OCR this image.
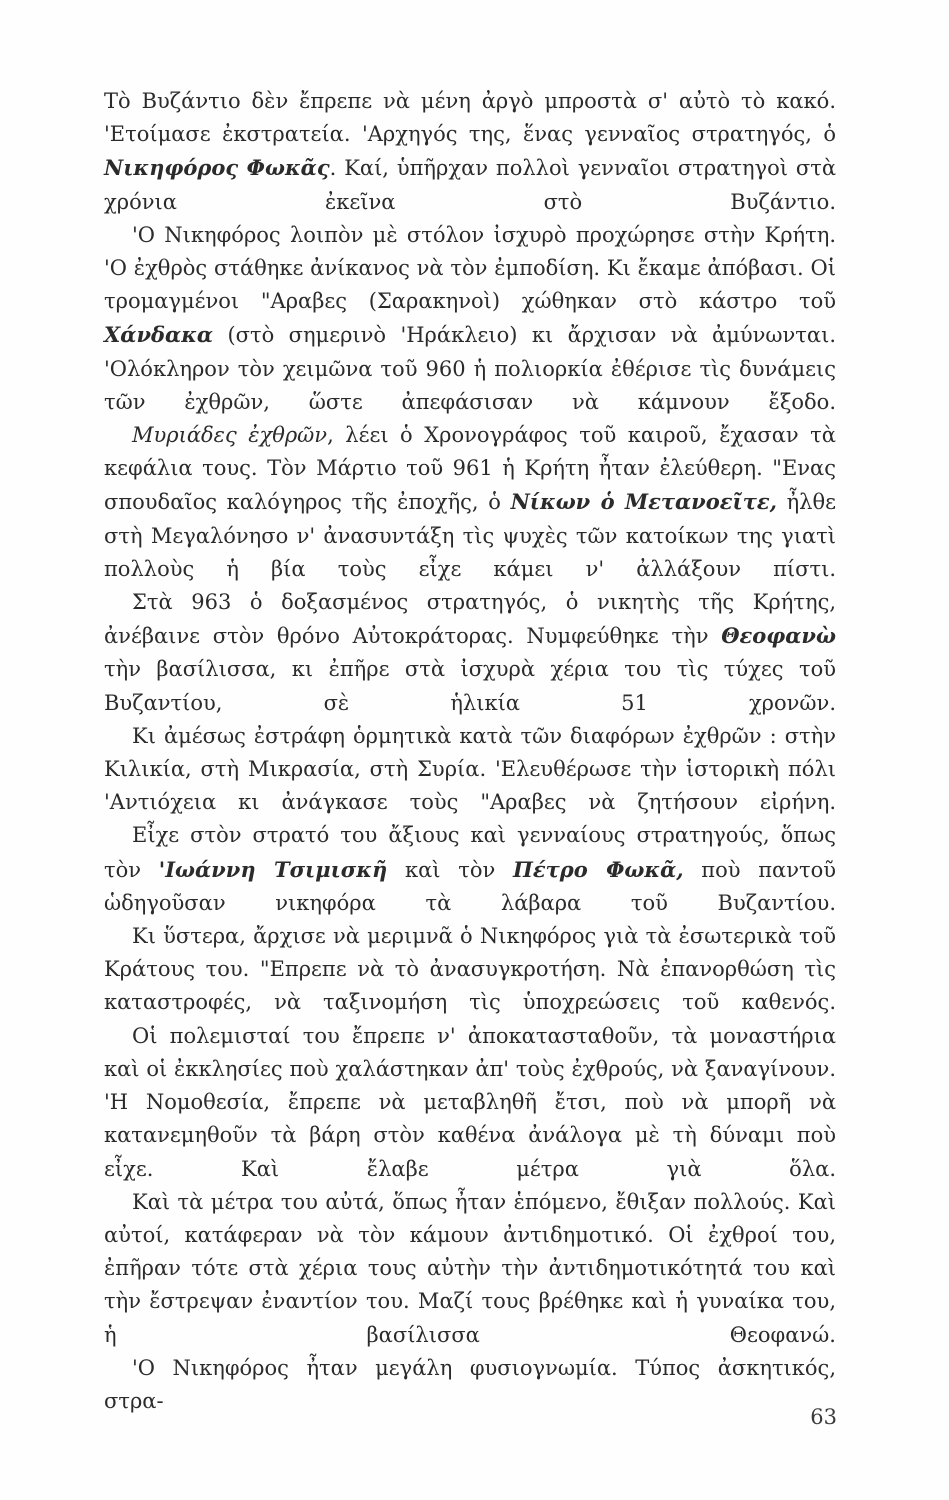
Τὸ Βυζάντιο δὲν ἔπρεπε νὰ μένη ἀργὸ μπροστὰ σ' αὐτὸ τὸ κακό. 'Ετοίμασε ἐκστρατεία. 'Αρχηγός της, ἕνας γενναῖος στρατηγός, ὁ Νικηφόρος Φωκᾶς. Καί, ὑπῆρχαν πολλοὶ γενναῖοι στρατηγοὶ στὰ χρόνια ἐκεῖνα στὸ Βυζάντιο.

'Ο Νικηφόρος λοιπὸν μὲ στόλον ἰσχυρὸ προχώρησε στὴν Κρήτη. 'Ο ἐχθρὸς στάθηκε ἀνίκανος νὰ τὸν ἐμποδίση. Κι ἔκαμε ἀπόβασι. Οἱ τρομαγμένοι "Αραβες (Σαρακηνοὶ) χώθηκαν στὸ κάστρο τοῦ Χάνδακα (στὸ σημερινὸ 'Ηράκλειο) κι ἄρχισαν νὰ ἀμύνωνται. 'Ολόκληρον τὸν χειμῶνα τοῦ 960 ἡ πολιορκία ἐθέρισε τὶς δυνάμεις τῶν ἐχθρῶν, ὥστε ἀπεφάσισαν νὰ κάμνουν ἔξοδο.

Μυριάδες ἐχθρῶν, λέει ὁ Χρονογράφος τοῦ καιροῦ, ἔχασαν τὰ κεφάλια τους. Τὸν Μάρτιο τοῦ 961 ἡ Κρήτη ἦταν ἐλεύθερη. "Ενας σπουδαῖος καλόγηρος τῆς ἐποχῆς, ὁ Νίκων ὁ Μετανοεῖτε, ἦλθε στὴ Μεγαλόνησο ν' ἀνασυντάξη τὶς ψυχὲς τῶν κατοίκων της γιατὶ πολλοὺς ἡ βία τοὺς εἶχε κάμει ν' ἀλλάξουν πίστι.

Στὰ 963 ὁ δοξασμένος στρατηγός, ὁ νικητὴς τῆς Κρήτης, ἀνέβαινε στὸν θρόνο Αὐτοκράτορας. Νυμφεύθηκε τὴν Θεοφανὼ τὴν βασίλισσα, κι ἐπῆρε στὰ ἰσχυρὰ χέρια του τὶς τύχες τοῦ Βυζαντίου, σὲ ἡλικία 51 χρονῶν.

Κι ἀμέσως ἐστράφη ὁρμητικὰ κατὰ τῶν διαφόρων ἐχθρῶν : στὴν Κιλικία, στὴ Μικρασία, στὴ Συρία. 'Ελευθέρωσε τὴν ἱστορικὴ πόλι 'Αντιόχεια κι ἀνάγκασε τοὺς "Αραβες νὰ ζητήσουν εἰρήνη.

Εἶχε στὸν στρατό του ἄξιους καὶ γενναίους στρατηγούς, ὅπως τὸν 'Ιωάννη Τσιμισκῆ καὶ τὸν Πέτρο Φωκᾶ, ποὺ παντοῦ ὡδηγοῦσαν νικηφόρα τὰ λάβαρα τοῦ Βυζαντίου.

Κι ὕστερα, ἄρχισε νὰ μεριμνᾶ ὁ Νικηφόρος γιὰ τὰ ἐσωτερικὰ τοῦ Κράτους του. "Επρεπε νὰ τὸ ἀνασυγκροτήση. Νὰ ἐπανορθώση τὶς καταστροφές, νὰ ταξινομήση τὶς ὑποχρεώσεις τοῦ καθενός.

Οἱ πολεμισταί του ἔπρεπε ν' ἀποκατασταθοῦν, τὰ μοναστήρια καὶ οἱ ἐκκλησίες ποὺ χαλάστηκαν ἀπ' τοὺς ἐχθρούς, νὰ ξαναγίνουν. 'Η Νομοθεσία, ἔπρεπε νὰ μεταβληθῆ ἔτσι, ποὺ νὰ μπορῆ νὰ κατανεμηθοῦν τὰ βάρη στὸν καθένα ἀνάλογα μὲ τὴ δύναμι ποὺ εἶχε. Καὶ ἔλαβε μέτρα γιὰ ὅλα.

Καὶ τὰ μέτρα του αὐτά, ὅπως ἦταν ἑπόμενο, ἔθιξαν πολλούς. Καὶ αὐτοί, κατάφεραν νὰ τὸν κάμουν ἀντιδημοτικό. Οἱ ἐχθροί του, ἐπῆραν τότε στὰ χέρια τους αὐτὴν τὴν ἀντιδημοτικότητά του καὶ τὴν ἔστρεψαν ἐναντίον του. Μαζί τους βρέθηκε καὶ ἡ γυναίκα του, ἡ βασίλισσα Θεοφανώ.

'Ο Νικηφόρος ἦταν μεγάλη φυσιογνωμία. Τύπος ἀσκητικός, στρα-

63
